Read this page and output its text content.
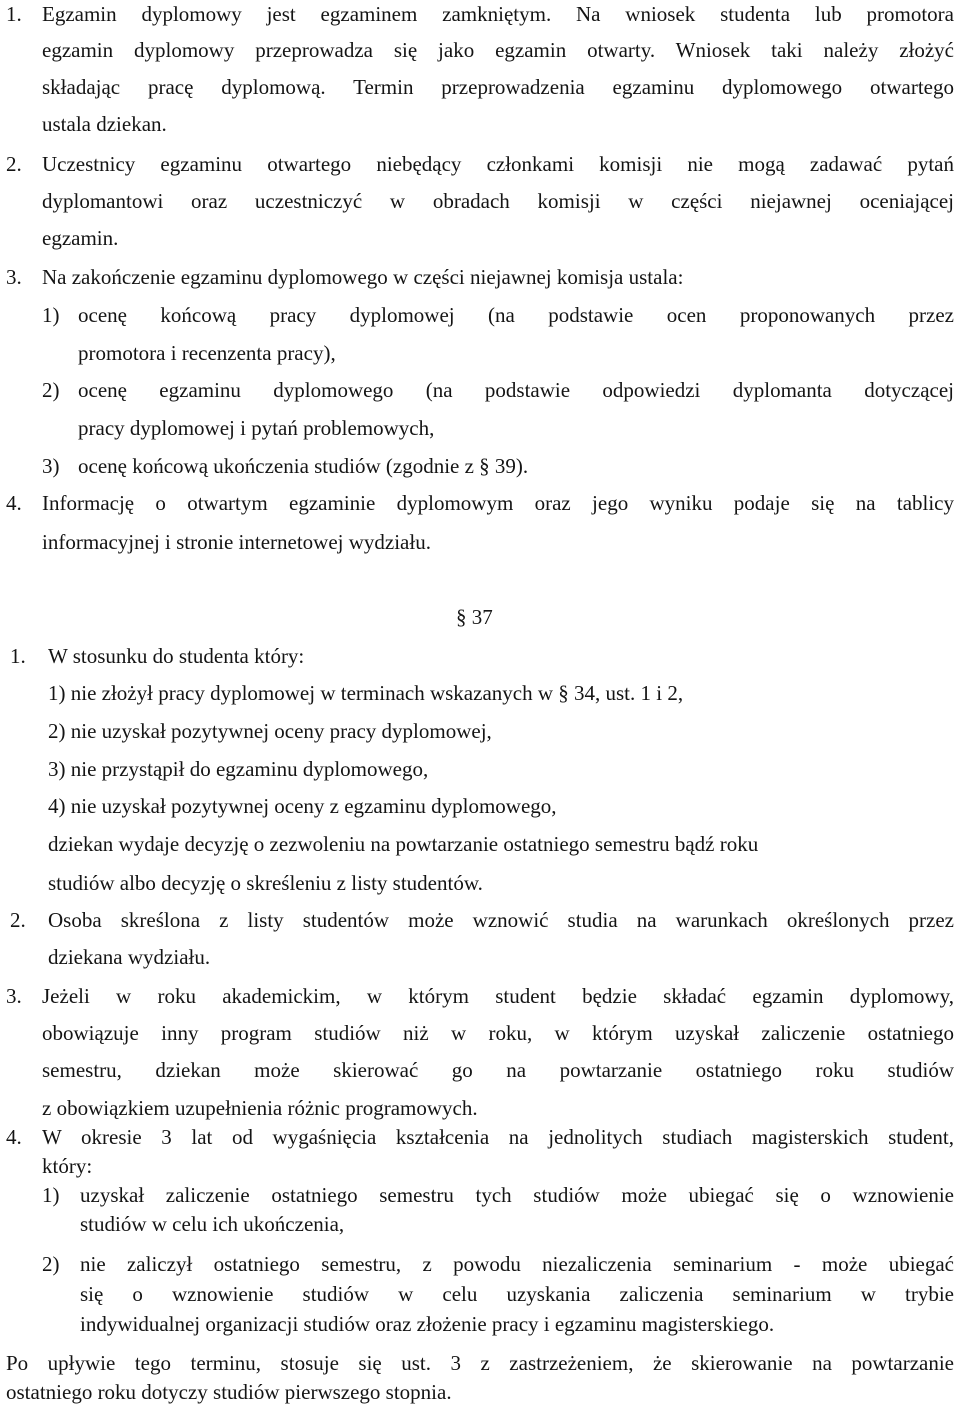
1. Egzamin dyplomowy jest egzaminem zamkniętym. Na wniosek studenta lub promotora
egzamin dyplomowy przeprowadza się jako egzamin otwarty. Wniosek taki należy złożyć
składając pracę dyplomową. Termin przeprowadzenia egzaminu dyplomowego otwartego
ustala dziekan.
2. Uczestnicy egzaminu otwartego niebędący członkami komisji nie mogą zadawać pytań
dyplomantowi oraz uczestniczyć w obradach komisji w części niejawnej oceniającej
egzamin.
3. Na zakończenie egzaminu dyplomowego w części niejawnej komisja ustala:
1) ocenę końcową pracy dyplomowej (na podstawie ocen proponowanych przez
promotora i recenzenta pracy),
2) ocenę egzaminu dyplomowego (na podstawie odpowiedzi dyplomanta dotyczącej
pracy dyplomowej i pytań problemowych,
3) ocenę końcową ukończenia studiów (zgodnie z § 39).
4. Informację o otwartym egzaminie dyplomowym oraz jego wyniku podaje się na tablicy
informacyjnej i stronie internetowej wydziału.
§ 37
1. W stosunku do studenta który:
1) nie złożył pracy dyplomowej w terminach wskazanych w § 34, ust. 1 i 2,
2) nie uzyskał pozytywnej oceny pracy dyplomowej,
3) nie przystąpił do egzaminu dyplomowego,
4) nie uzyskał pozytywnej oceny z egzaminu dyplomowego,
dziekan wydaje decyzję o zezwoleniu na powtarzanie ostatniego semestru bądź roku
studiów albo decyzję o skreśleniu z listy studentów.
2. Osoba skreślona z listy studentów może wznowić studia na warunkach określonych przez
dziekana wydziału.
3. Jeżeli w roku akademickim, w którym student będzie składać egzamin dyplomowy,
obowiązuje inny program studiów niż w roku, w którym uzyskał zaliczenie ostatniego
semestru, dziekan może skierować go na powtarzanie ostatniego roku studiów
z obowiązkiem uzupełnienia różnic programowych.
4. W okresie 3 lat od wygaśnięcia kształcenia na jednolitych studiach magisterskich student,
który:
1) uzyskał zaliczenie ostatniego semestru tych studiów może ubiegać się o wznowienie
studiów w celu ich ukończenia,
2) nie zaliczył ostatniego semestru, z powodu niezaliczenia seminarium - może ubiegać
się o wznowienie studiów w celu uzyskania zaliczenia seminarium w trybie
indywidualnej organizacji studiów oraz złożenie pracy i egzaminu magisterskiego.
Po upływie tego terminu, stosuje się ust. 3 z zastrzeżeniem, że skierowanie na powtarzanie
ostatniego roku dotyczy studiów pierwszego stopnia.
